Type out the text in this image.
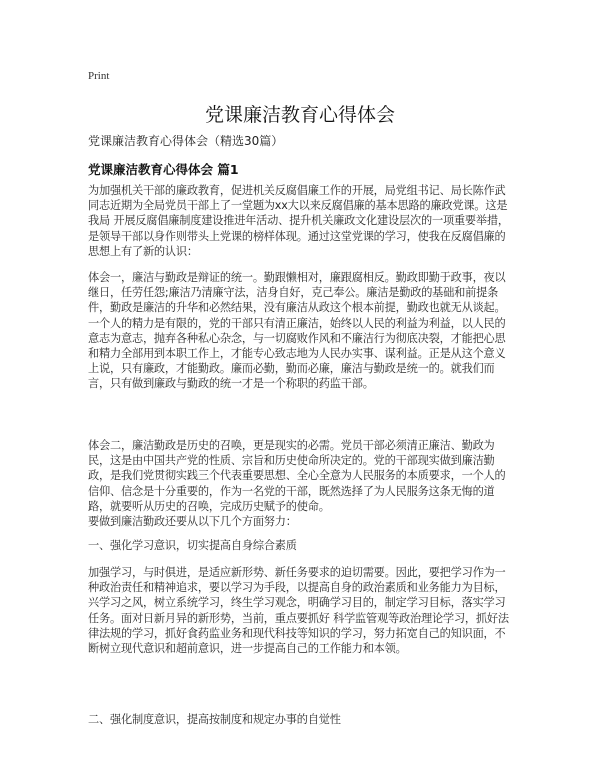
Print
党课廉洁教育心得体会
党课廉洁教育心得体会（精选30篇）
党课廉洁教育心得体会 篇1

为加强机关干部的廉政教育，促进机关反腐倡廉工作的开展，局党组书记、局长陈作武同志近期为全局党员干部上了一堂题为xx大以来反腐倡廉的基本思路的廉政党课。这是我局 开展反腐倡廉制度建设推进年活动、提升机关廉政文化建设层次的一项重要举措，是领导干部以身作则带头上党课的榜样体现。通过这堂党课的学习，使我在反腐倡廉的思想上有了新的认识：

体会一，廉洁与勤政是辩证的统一。勤跟懒相对，廉跟腐相反。勤政即勤于政事，夜以继日，任劳任怨;廉洁乃清廉守法，洁身自好，克己奉公。廉洁是勤政的基础和前提条件，勤政是廉洁的升华和必然结果，没有廉洁从政这个根本前提，勤政也就无从谈起。一个人的精力是有限的，党的干部只有清正廉洁，始终以人民的利益为利益，以人民的意志为意志，抛弃各种私心杂念，与一切腐败作风和不廉洁行为彻底决裂，才能把心思和精力全部用到本职工作上，才能专心致志地为人民办实事、谋利益。正是从这个意义上说，只有廉政，才能勤政。廉而必勤，勤而必廉，廉洁与勤政是统一的。就我们而言，只有做到廉政与勤政的统一才是一个称职的药监干部。

体会二，廉洁勤政是历史的召唤，更是现实的必需。党员干部必须清正廉洁、勤政为民，这是由中国共产党的性质、宗旨和历史使命所决定的。党的干部现实做到廉洁勤政，是我们党贯彻实践三个代表重要思想、全心全意为人民服务的本质要求，一个人的信仰、信念是十分重要的，作为一名党的干部，既然选择了为人民服务这条无悔的道路，就要听从历史的召唤，完成历史赋予的使命。

要做到廉洁勤政还要从以下几个方面努力：

一、强化学习意识，切实提高自身综合素质

加强学习，与时俱进，是适应新形势、新任务要求的迫切需要。因此，要把学习作为一种政治责任和精神追求，要以学习为手段，以提高自身的政治素质和业务能力为目标，兴学习之风，树立系统学习，终生学习观念，明确学习目的，制定学习目标，落实学习任务。面对日新月异的新形势，当前，重点要抓好 科学监管观等政治理论学习，抓好法律法规的学习，抓好食药监业务和现代科技等知识的学习，努力拓宽自己的知识面，不断树立现代意识和超前意识，进一步提高自己的工作能力和本领。

二、强化制度意识，提高按制度和规定办事的自觉性
